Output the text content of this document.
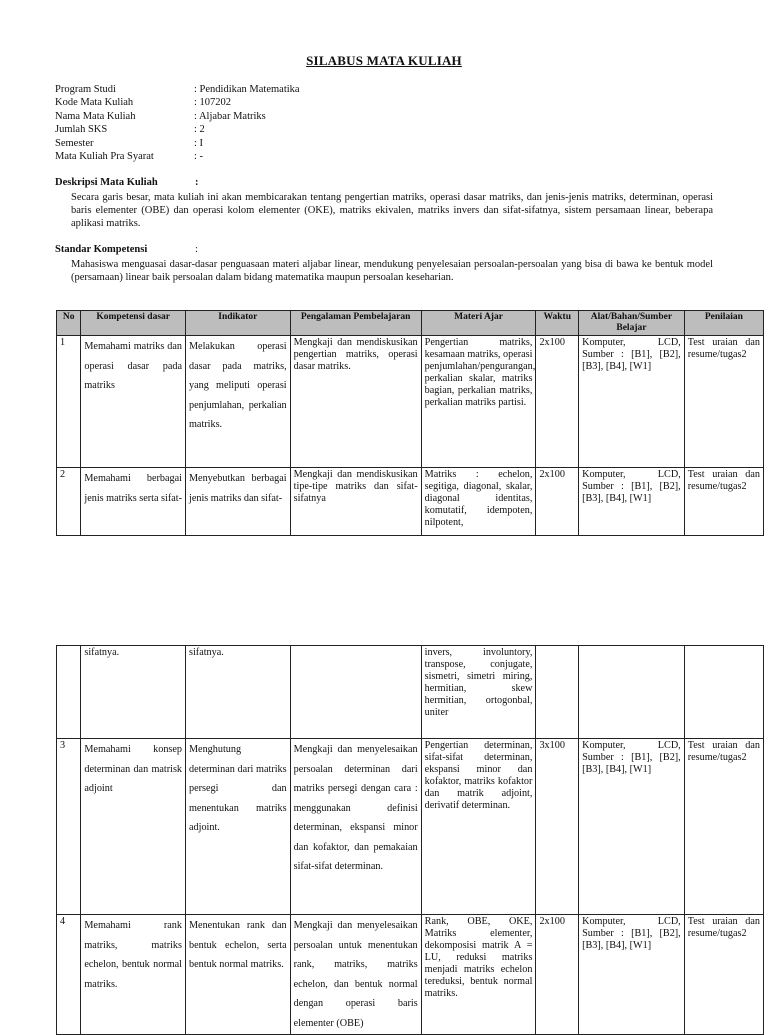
SILABUS MATA KULIAH
Program Studi	: Pendidikan Matematika
Kode Mata Kuliah	: 107202
Nama Mata Kuliah	: Aljabar Matriks
Jumlah SKS	: 2
Semester	: I
Mata Kuliah Pra Syarat	: -
Deskripsi Mata Kuliah	:
Secara garis besar, mata kuliah ini akan membicarakan tentang pengertian matriks, operasi dasar matriks, dan jenis-jenis matriks, determinan, operasi baris elementer (OBE) dan operasi kolom elementer (OKE), matriks ekivalen, matriks invers dan sifat-sifatnya, sistem persamaan linear, beberapa aplikasi matriks.
Standar Kompetensi	:
Mahasiswa menguasai dasar-dasar penguasaan materi aljabar linear, mendukung penyelesaian persoalan-persoalan yang bisa di bawa ke bentuk model (persamaan) linear baik persoalan dalam bidang matematika maupun persoalan keseharian.
No	Kompetensi dasar	Indikator	Pengalaman Pembelajaran	Materi Ajar	Waktu	Alat/Bahan/Sumber Belajar	Penilaian
1	Memahami matriks dan operasi dasar pada matriks	Melakukan operasi dasar pada matriks, yang meliputi operasi penjumlahan, perkalian matriks.	Mengkaji dan mendiskusikan pengertian matriks, operasi dasar matriks.	Pengertian matriks, kesamaan matriks, operasi penjumlahan/pengurangan, perkalian skalar, matriks bagian, perkalian matriks, perkalian matriks partisi.	2x100	Komputer, LCD, Sumber : [B1], [B2], [B3], [B4], [W1]	Test uraian dan resume/tugas2
2	Memahami berbagai jenis matriks serta sifat-	Menyebutkan berbagai jenis matriks dan sifat-	Mengkaji dan mendiskusikan tipe-tipe matriks dan sifat-sifatnya	Matriks : echelon, segitiga, diagonal, skalar, diagonal identitas, komutatif, idempoten, nilpotent,	2x100	Komputer, LCD, Sumber : [B1], [B2], [B3], [B4], [W1]	Test uraian dan resume/tugas2
	sifatnya.	sifatnya.		invers, involuntory, transpose, conjugate, sismetri, simetri miring, hermitian, skew hermitian, ortogonbal, uniter			
3	Memahami konsep determinan dan matrisk adjoint	Menghutung determinan dari matriks persegi dan menentukan matriks adjoint.	Mengkaji dan menyelesaikan persoalan determinan dari matriks persegi dengan cara : menggunakan definisi determinan, ekspansi minor dan kofaktor, dan pemakaian sifat-sifat determinan.	Pengertian determinan, sifat-sifat determinan, ekspansi minor dan kofaktor, matriks kofaktor dan matrik adjoint, derivatif determinan.	3x100	Komputer, LCD, Sumber : [B1], [B2], [B3], [B4], [W1]	Test uraian dan resume/tugas2
4	Memahami rank matriks, matriks echelon, bentuk normal matriks.	Menentukan rank dan bentuk echelon, serta bentuk normal matriks.	Mengkaji dan menyelesaikan persoalan untuk menentukan rank, matriks, matriks echelon, dan bentuk normal dengan operasi baris elementer (OBE)	Rank, OBE, OKE, Matriks elementer, dekomposisi matrik A = LU, reduksi matriks menjadi matriks echelon tereduksi, bentuk normal matriks.	2x100	Komputer, LCD, Sumber : [B1], [B2], [B3], [B4], [W1]	Test uraian dan resume/tugas2
